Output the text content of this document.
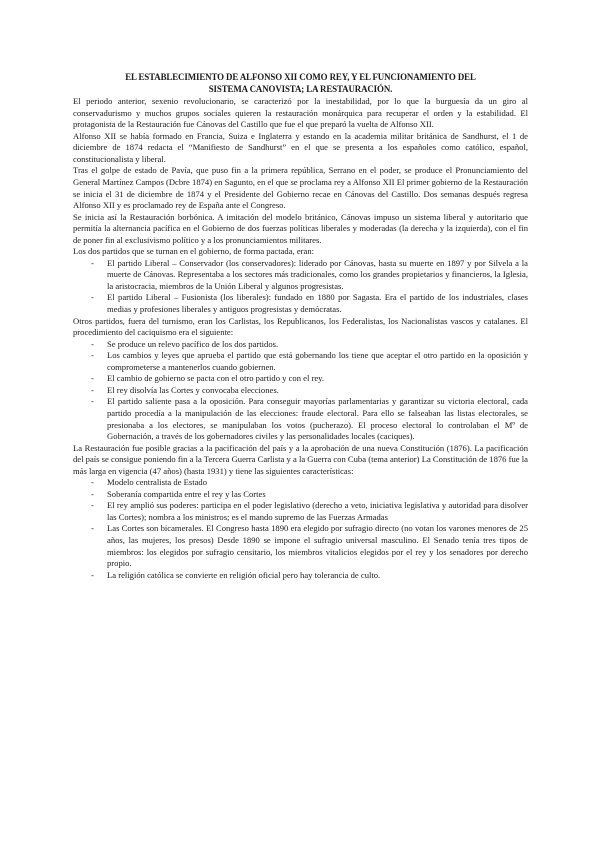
EL ESTABLECIMIENTO DE ALFONSO XII COMO REY, Y EL FUNCIONAMIENTO DEL
SISTEMA CANOVISTA; LA RESTAURACIÓN.

El periodo anterior, sexenio revolucionario, se caracterizó por la inestabilidad, por lo que la burguesía da un giro al conservadurismo y muchos grupos sociales quieren la restauración monárquica para recuperar el orden y la estabilidad. El protagonista de la Restauración fue Cánovas del Castillo que fue el que preparó la vuelta de Alfonso XII.

Alfonso XII se había formado en Francia, Suiza e Inglaterra y estando en la academia militar británica de Sandhurst, el 1 de diciembre de 1874 redacta el “Manifiesto de Sandhurst” en el que se presenta a los españoles como católico, español, constitucionalista y liberal.

Tras el golpe de estado de Pavía, que puso fin a la primera república, Serrano en el poder, se produce el Pronunciamiento del General Martínez Campos (Dcbre 1874) en Sagunto, en el que se proclama rey a Alfonso XII El primer gobierno de la Restauración se inicia el 31 de diciembre de 1874 y el Presidente del Gobierno recae en Cánovas del Castillo. Dos semanas después regresa Alfonso XII y es proclamado rey de España ante el Congreso.

Se inicia así la Restauración borbónica. A imitación del modelo británico, Cánovas impuso un sistema liberal y autoritario que permitía la alternancia pacífica en el Gobierno de dos fuerzas políticas liberales y moderadas (la derecha y la izquierda), con el fin de poner fin al exclusivismo político y a los pronunciamientos militares.

Los dos partidos que se turnan en el gobierno, de forma pactada, eran:

- El partido Liberal – Conservador (los conservadores): liderado por Cánovas, hasta su muerte en 1897 y por Silvela a la muerte de Cánovas. Representaba a los sectores más tradicionales, como los grandes propietarios y financieros, la Iglesia, la aristocracia, miembros de la Unión Liberal y algunos progresistas.
- El partido Liberal – Fusionista (los liberales): fundado en 1880 por Sagasta. Era el partido de los industriales, clases medias y profesiones liberales y antiguos progresistas y demócratas.

Otros partidos, fuera del turnismo, eran los Carlistas, los Republicanos, los Federalistas, los Nacionalistas vascos y catalanes. El procedimiento del caciquismo era el siguiente:

- Se produce un relevo pacífico de los dos partidos.
- Los cambios y leyes que aprueba el partido que está gobernando los tiene que aceptar el otro partido en la oposición y comprometerse a mantenerlos cuando gobiernen.
- El cambio de gobierno se pacta con el otro partido y con el rey.
- El rey disolvía las Cortes y convocaba elecciones.
- El partido saliente pasa a la oposición. Para conseguir mayorías parlamentarias y garantizar su victoria electoral, cada partido procedía a la manipulación de las elecciones: fraude electoral. Para ello se falseaban las listas electorales, se presionaba a los electores, se manipulaban los votos (pucherazo). El proceso electoral lo controlaban el Mº de Gobernación, a través de los gobernadores civiles y las personalidades locales (caciques).

La Restauración fue posible gracias a la pacificación del país y a la aprobación de una nueva Constitución (1876). La pacificación del país se consigue poniendo fin a la Tercera Guerra Carlista y a la Guerra con Cuba (tema anterior) La Constitución de 1876 fue la más larga en vigencia (47 años) (hasta 1931) y tiene las siguientes características:

- Modelo centralista de Estado
- Soberanía compartida entre el rey y las Cortes
- El rey amplió sus poderes: participa en el poder legislativo (derecho a veto, iniciativa legislativa y autoridad para disolver las Cortes); nombra a los ministros; es el mando supremo de las Fuerzas Armadas
- Las Cortes son bicamerales. El Congreso hasta 1890 era elegido por sufragio directo (no votan los varones menores de 25 años, las mujeres, los presos) Desde 1890 se impone el sufragio universal masculino. El Senado tenía tres tipos de miembros: los elegidos por sufragio censitario, los miembros vitalicios elegidos por el rey y los senadores por derecho propio.
- La religión católica se convierte en religión oficial pero hay tolerancia de culto.
